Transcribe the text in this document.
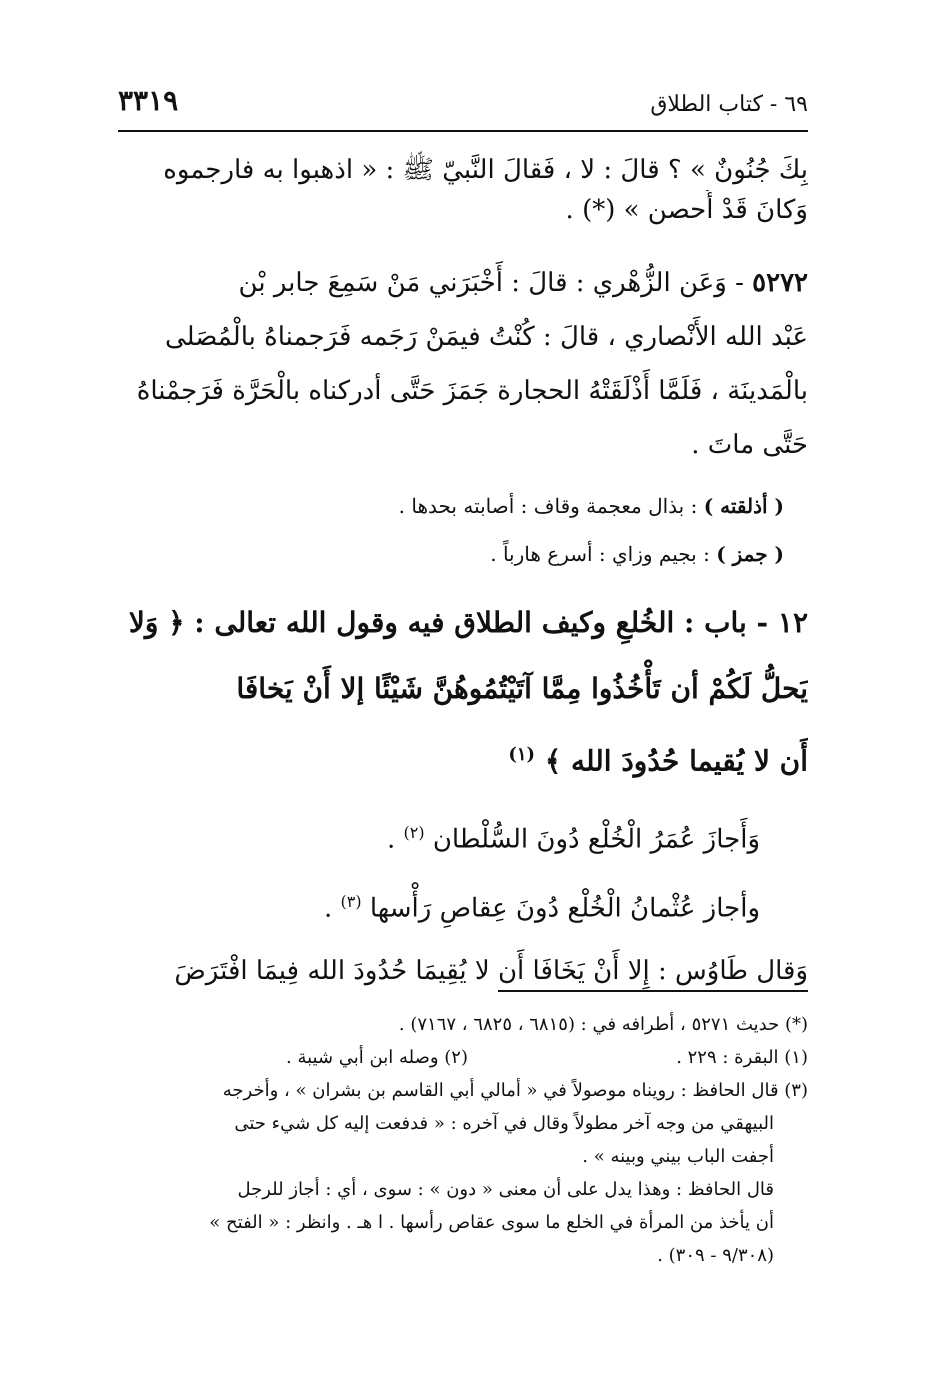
٦٩ - كتاب الطلاق
٣٣١٩
بِكَ جُنُونٌ » ؟ قالَ : لا ، فَقالَ النَّبيّ ﷺ : « اذهبوا به فارجموه
وَكانَ قَدْ أُحصن » (*) .
٥٢٧٢ - وَعَن الزُّهْري : قالَ : أَخْبَرَني مَنْ سَمِعَ جابر بْن
عَبْد الله الأَنْصاري ، قالَ : كُنْتُ فيمَنْ رَجَمه فَرَجمناهُ بالْمُصَلى
بالْمَدينَة ، فَلَمَّا أَذْلَقَتْهُ الحجارة جَمَزَ حَتَّى أدركناه بالْحَرَّة فَرَجمْناهُ
حَتَّى ماتَ .
( أذلقته ) : بذال معجمة وقاف : أصابته بحدها .
( جمز ) : بجيم وزاي : أسرع هارباً .
١٢ - باب : الخُلعِ وكيف الطلاق فيه وقول الله تعالى : ﴿ وَلا
يَحلُّ لَكُمْ أن تَأْخُذُوا مِمَّا آتَيْتُمُوهُنَّ شَيْئًا إلا أَنْ يَخافَا
أَن لا يُقيما حُدُودَ الله ﴾ $^{(١)}$
وَأَجازَ عُمَرُ الْخُلْع دُونَ السُّلْطان $^{(٢)}$ .
وأجاز عُثْمانُ الْخُلْع دُونَ عِقاصِ رَأْسها $^{(٣)}$ .
وَقال طَاوُس : إِلا أَنْ يَخَافَا أَن لا يُقِيمَا حُدُودَ الله فِيمَا افْتَرَضَ
(*) حديث ٥٢٧١ ، أطرافه في : (٦٨١٥ ، ٦٨٢٥ ، ٧١٦٧) .
(١) البقرة : ٢٢٩ .
(٢) وصله ابن أبي شيبة .
(٣) قال الحافظ : رويناه موصولاً في « أمالي أبي القاسم بن بشران » ، وأخرجه
البيهقي من وجه آخر مطولاً وقال في آخره : « فدفعت إليه كل شيء حتى
أجفت الباب بيني وبينه » .
قال الحافظ : وهذا يدل على أن معنى « دون » : سوى ، أي : أجاز للرجل
أن يأخذ من المرأة في الخلع ما سوى عقاص رأسها . ا هـ . وانظر : « الفتح »
(٩/٣٠٨ - ٣٠٩) .
